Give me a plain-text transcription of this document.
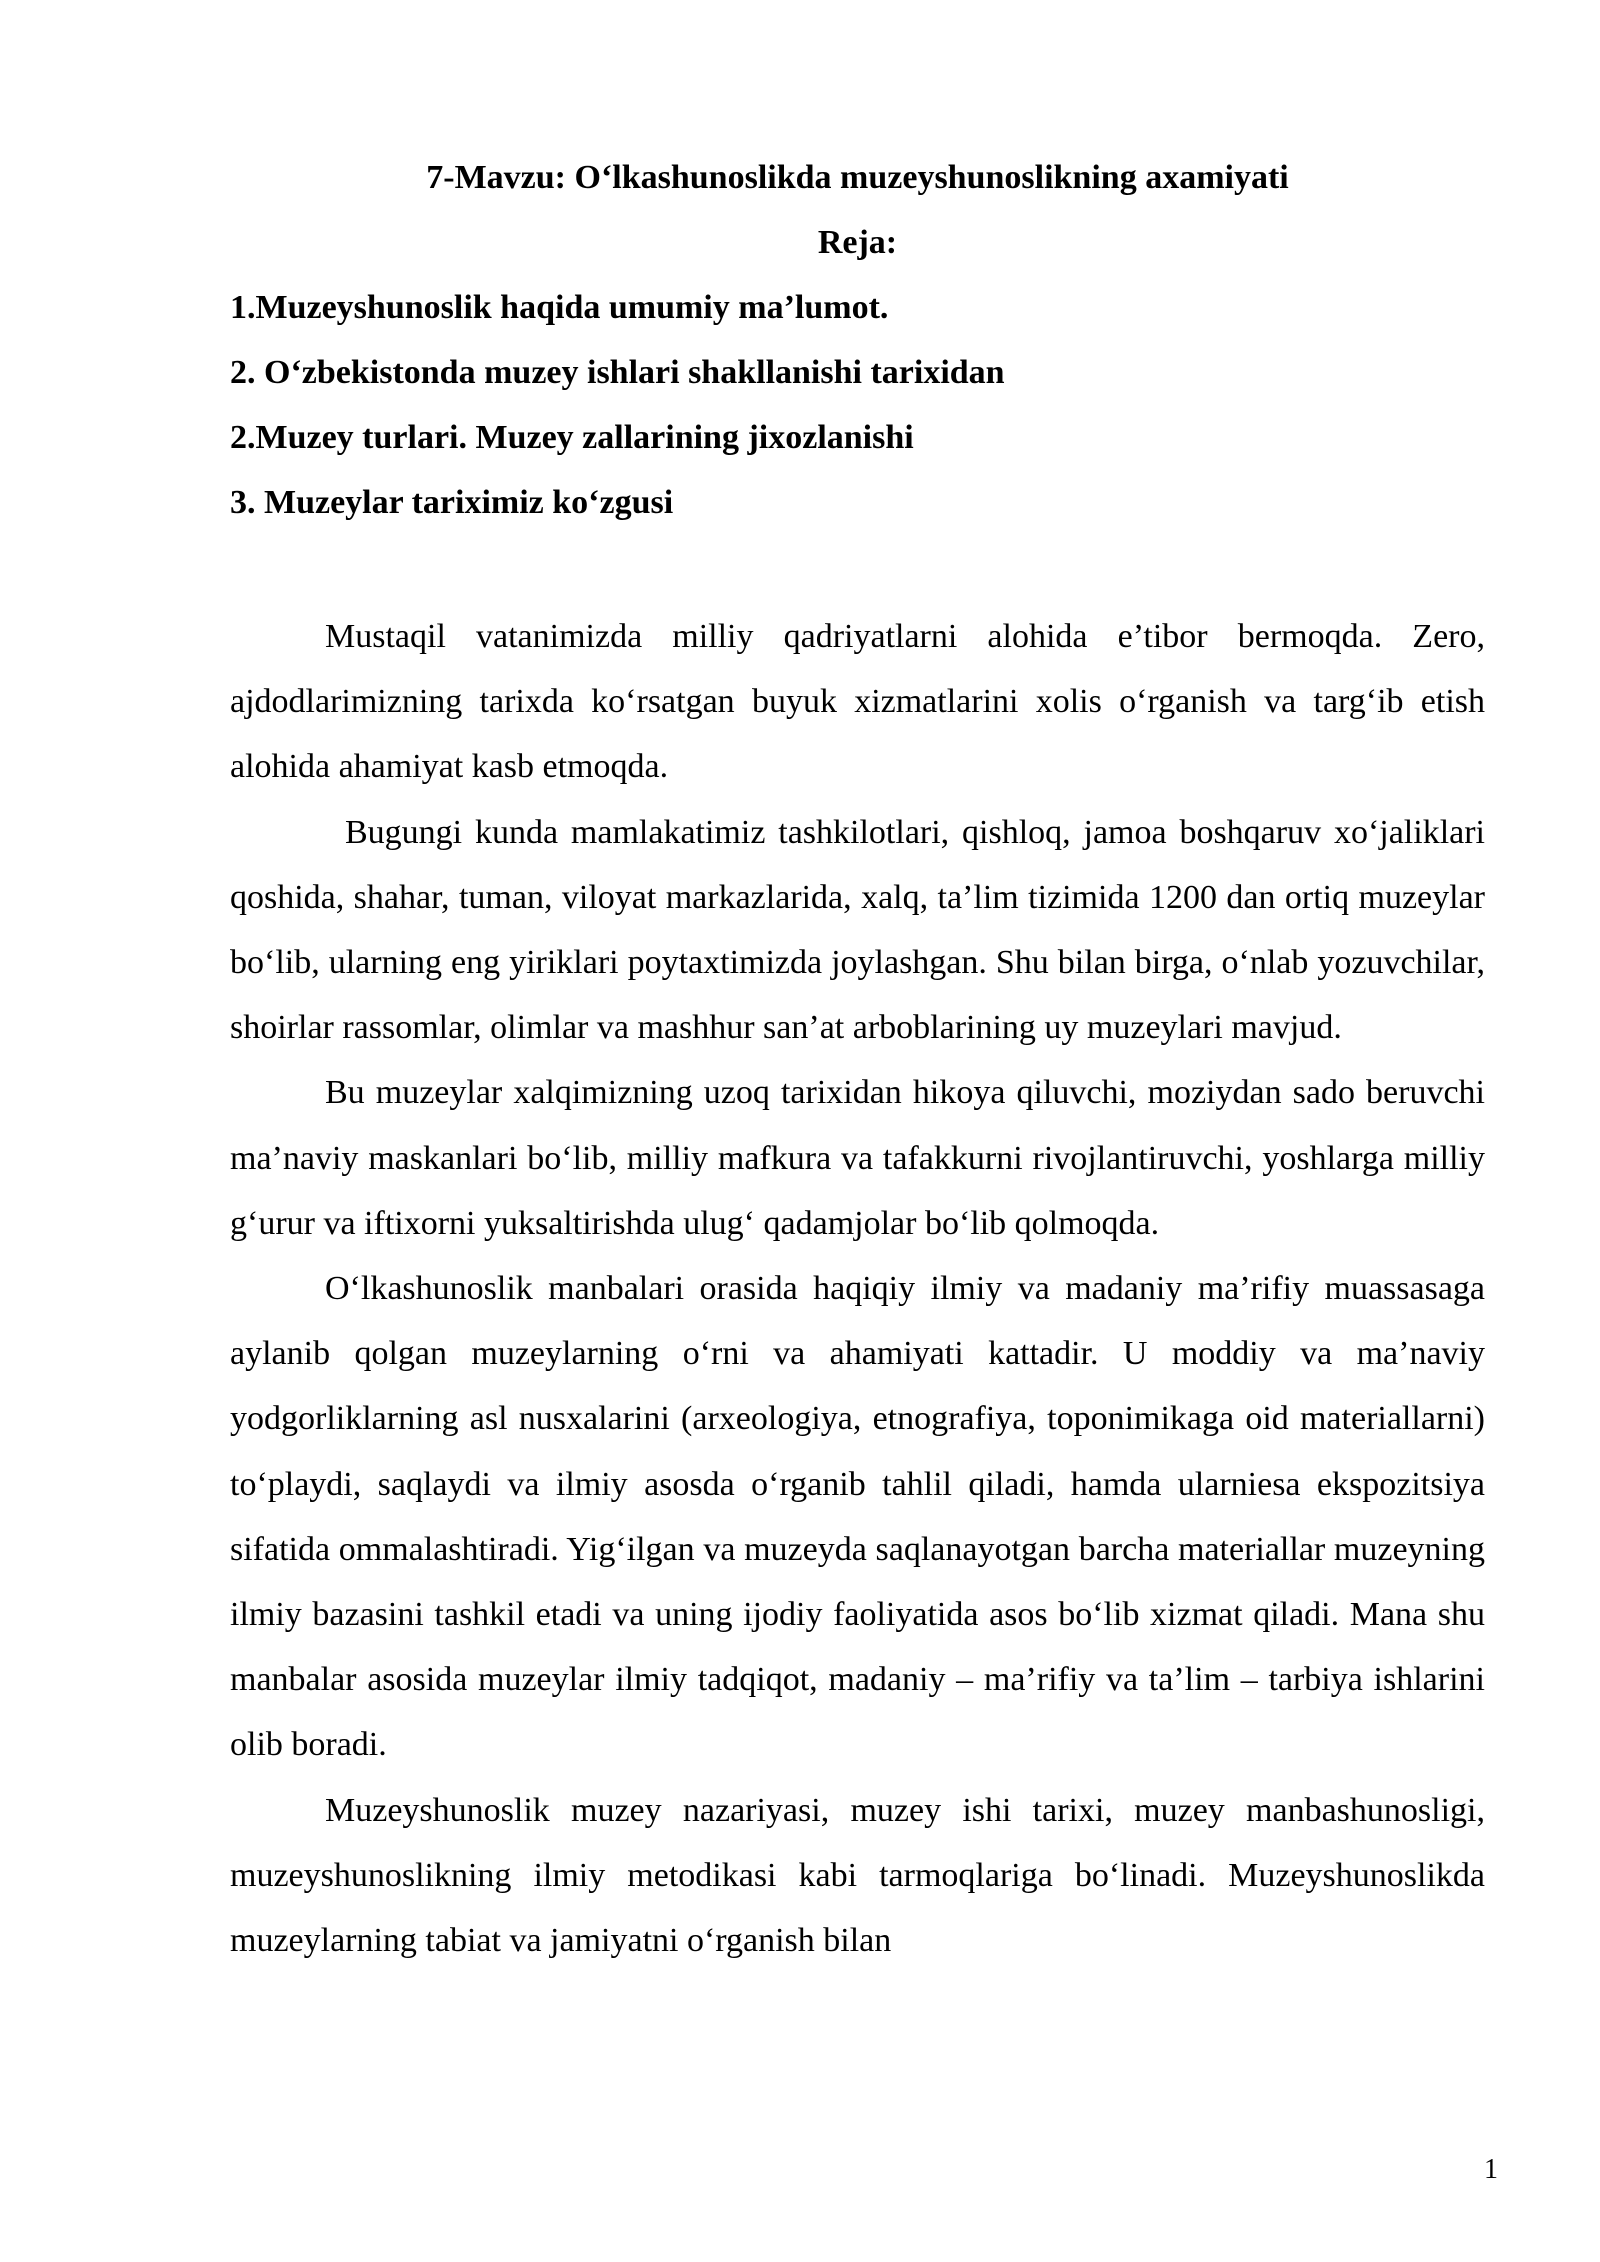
7-Mavzu: O‘lkashunoslikda muzeyshunoslikning axamiyati
Reja:
1.Muzeyshunoslik haqida umumiy ma’lumot.
2. O‘zbekistonda muzey ishlari shakllanishi tarixidan
2.Muzey turlari. Muzey zallarining jixozlanishi
3. Muzeylar tariximiz ko‘zgusi

Mustaqil vatanimizda milliy qadriyatlarni alohida e’tibor bermoqda. Zero, ajdodlarimizning tarixda ko‘rsatgan buyuk xizmatlarini xolis o‘rganish va targ‘ib etish alohida ahamiyat kasb etmoqda.

Bugungi kunda mamlakatimiz tashkilotlari, qishloq, jamoa boshqaruv xo‘jaliklari qoshida, shahar, tuman, viloyat markazlarida, xalq, ta’lim tizimida 1200 dan ortiq muzeylar bo‘lib, ularning eng yiriklari poytaxtimizda joylashgan. Shu bilan birga, o‘nlab yozuvchilar, shoirlar rassomlar, olimlar va mashhur san’at arboblarining uy muzeylari mavjud.

Bu muzeylar xalqimizning uzoq tarixidan hikoya qiluvchi, moziydan sado beruvchi ma’naviy maskanlari bo‘lib, milliy mafkura va tafakkurni rivojlantiruvchi, yoshlarga milliy g‘urur va iftixorni yuksaltirishda ulug‘ qadamjolar bo‘lib qolmoqda.

O‘lkashunoslik manbalari orasida haqiqiy ilmiy va madaniy ma’rifiy muassasaga aylanib qolgan muzeylarning o‘rni va ahamiyati kattadir. U moddiy va ma’naviy yodgorliklarning asl nusxalarini (arxeologiya, etnografiya, toponimikaga oid materiallarni) to‘playdi, saqlaydi va ilmiy asosda o‘rganib tahlil qiladi, hamda ularniesa ekspozitsiya sifatida ommalashtiradi. Yig‘ilgan va muzeyda saqlanayotgan barcha materiallar muzeyning ilmiy bazasini tashkil etadi va uning ijodiy faoliyatida asos bo‘lib xizmat qiladi. Mana shu manbalar asosida muzeylar ilmiy tadqiqot, madaniy – ma’rifiy va ta’lim – tarbiya ishlarini olib boradi.

Muzeyshunoslik muzey nazariyasi, muzey ishi tarixi, muzey manbashunosligi, muzeyshunoslikning ilmiy metodikasi kabi tarmoqlariga bo‘linadi. Muzeyshunoslikda muzeylarning tabiat va jamiyatni o‘rganish bilan

1
